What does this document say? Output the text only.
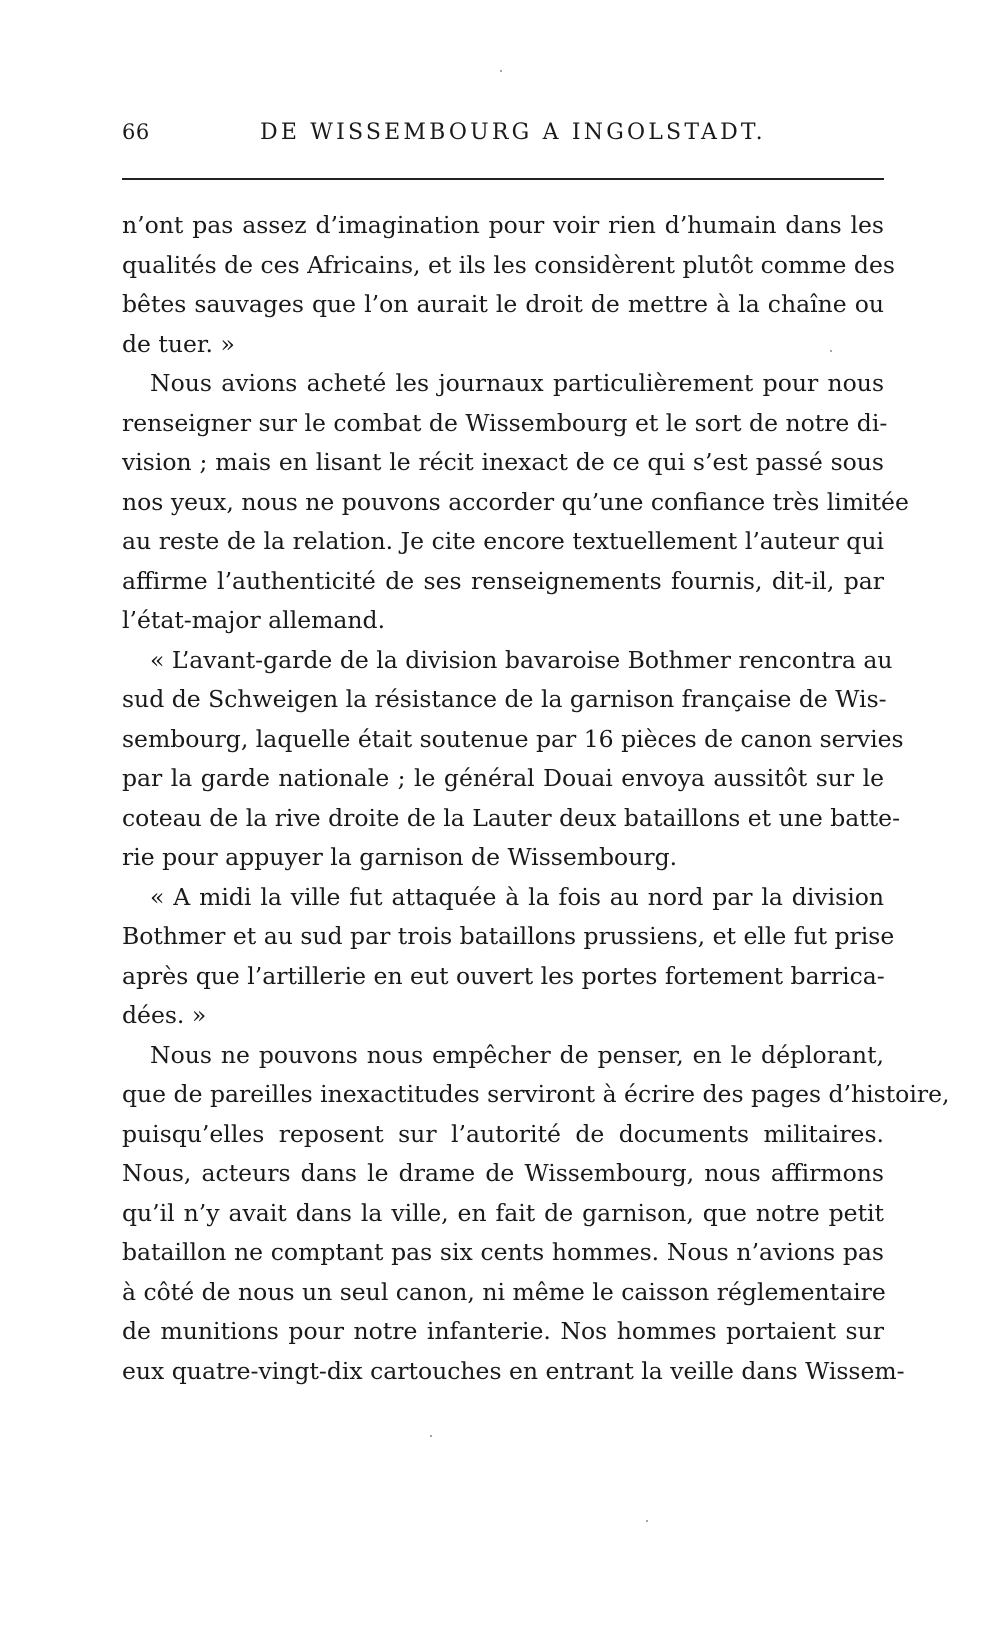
66	DE WISSEMBOURG A INGOLSTADT.
n’ont pas assez d’imagination pour voir rien d’humain dans les
qualités de ces Africains, et ils les considèrent plutôt comme des
bêtes sauvages que l’on aurait le droit de mettre à la chaîne ou
de tuer. »
Nous avions acheté les journaux particulièrement pour nous
renseigner sur le combat de Wissembourg et le sort de notre di-
vision ; mais en lisant le récit inexact de ce qui s’est passé sous
nos yeux, nous ne pouvons accorder qu’une confiance très limitée
au reste de la relation. Je cite encore textuellement l’auteur qui
affirme l’authenticité de ses renseignements fournis, dit-il, par
l’état-major allemand.
« L’avant-garde de la division bavaroise Bothmer rencontra au
sud de Schweigen la résistance de la garnison française de Wis-
sembourg, laquelle était soutenue par 16 pièces de canon servies
par la garde nationale ; le général Douai envoya aussitôt sur le
coteau de la rive droite de la Lauter deux bataillons et une batte-
rie pour appuyer la garnison de Wissembourg.
« A midi la ville fut attaquée à la fois au nord par la division
Bothmer et au sud par trois bataillons prussiens, et elle fut prise
après que l’artillerie en eut ouvert les portes fortement barrica-
dées. »
Nous ne pouvons nous empêcher de penser, en le déplorant,
que de pareilles inexactitudes serviront à écrire des pages d’histoire,
puisqu’elles reposent sur l’autorité de documents militaires.
Nous, acteurs dans le drame de Wissembourg, nous affirmons
qu’il n’y avait dans la ville, en fait de garnison, que notre petit
bataillon ne comptant pas six cents hommes. Nous n’avions pas
à côté de nous un seul canon, ni même le caisson réglementaire
de munitions pour notre infanterie. Nos hommes portaient sur
eux quatre-vingt-dix cartouches en entrant la veille dans Wissem-
